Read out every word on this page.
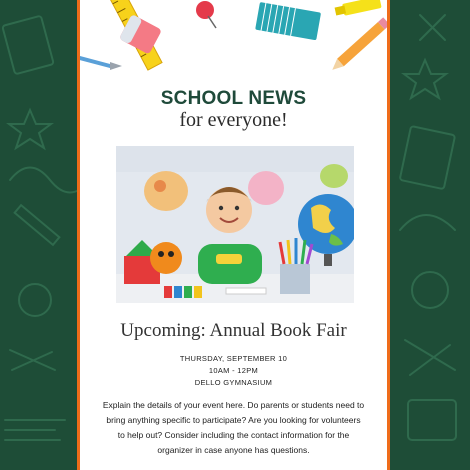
SCHOOL NEWS
for everyone!
Upcoming: Annual Book Fair
THURSDAY, SEPTEMBER 10
10AM - 12PM
DELLO GYMNASIUM
Explain the details of your event here. Do parents or students need to bring anything specific to participate? Are you looking for volunteers to help out? Consider including the contact information for the organizer in case anyone has questions.
